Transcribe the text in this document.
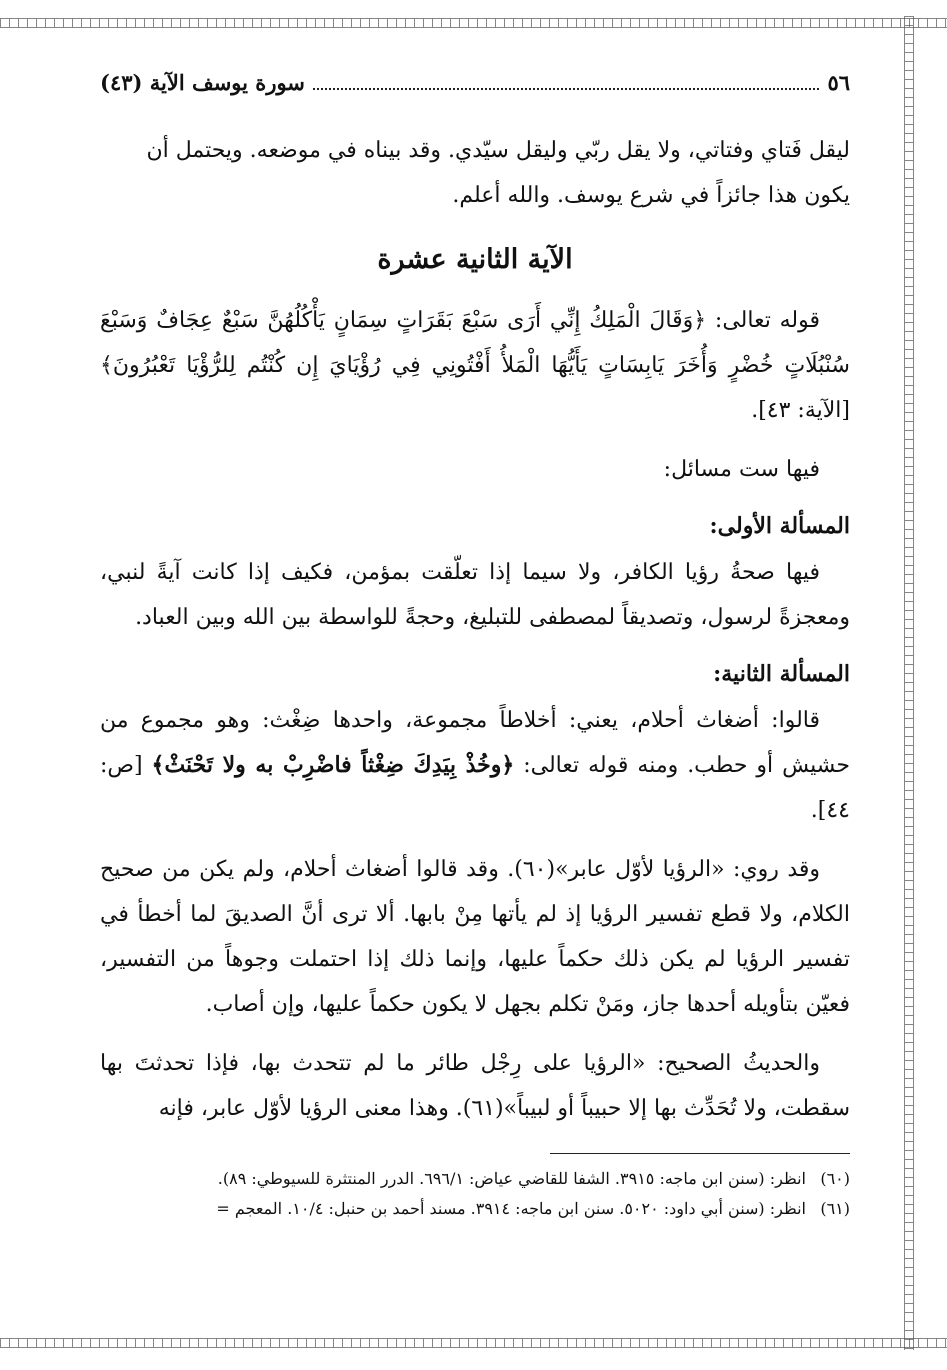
٥٦
سورة يوسف الآية (٤٣)

ليقل فَتاي وفتاتي، ولا يقل ربّي وليقل سيّدي. وقد بيناه في موضعه. ويحتمل أن

يكون هذا جائزاً في شرع يوسف. والله أعلم.

الآية الثانية عشرة

قوله تعالى: ﴿وَقَالَ الْمَلِكُ إِنِّي أَرَى سَبْعَ بَقَرَاتٍ سِمَانٍ يَأْكُلُهُنَّ سَبْعٌ عِجَافٌ وَسَبْعَ سُنْبُلَاتٍ خُضْرٍ وَأُخَرَ يَابِسَاتٍ يَأَيُّهَا الْمَلأُ أَفْتُونِي فِي رُؤْيَايَ إِن كُنْتُم لِلرُّؤْيَا تَعْبُرُونَ﴾ [الآية: ٤٣].

فيها ست مسائل:

المسألة الأولى:

فيها صحةُ رؤيا الكافر، ولا سيما إذا تعلّقت بمؤمن، فكيف إذا كانت آيةً لنبي، ومعجزةً لرسول، وتصديقاً لمصطفى للتبليغ، وحجةً للواسطة بين الله وبين العباد.

المسألة الثانية:

قالوا: أضغاث أحلام، يعني: أخلاطاً مجموعة، واحدها ضِغْث: وهو مجموع من حشيش أو حطب. ومنه قوله تعالى: ﴿وخُذْ بِيَدِكَ ضِغْثاً فاضْرِبْ به ولا تَحْنَثْ﴾ [ص: ٤٤].

وقد روي: «الرؤيا لأوّل عابر»(٦٠). وقد قالوا أضغاث أحلام، ولم يكن من صحيح الكلام، ولا قطع تفسير الرؤيا إذ لم يأتها مِنْ بابها. ألا ترى أنَّ الصديقَ لما أخطأ في تفسير الرؤيا لم يكن ذلك حكماً عليها، وإنما ذلك إذا احتملت وجوهاً من التفسير، فعيّن بتأويله أحدها جاز، ومَنْ تكلم بجهل لا يكون حكماً عليها، وإن أصاب.

والحديثُ الصحيح: «الرؤيا على رِجْل طائر ما لم تتحدث بها، فإذا تحدثتَ بها سقطت، ولا تُحَدِّث بها إلا حبيباً أو لبيباً»(٦١). وهذا معنى الرؤيا لأوّل عابر، فإنه

(٦٠)انظر: (سنن ابن ماجه: ٣٩١٥. الشفا للقاضي عياض: ٦٩٦/١. الدرر المنتثرة للسيوطي: ٨٩).
(٦١)انظر: (سنن أبي داود: ٥٠٢٠. سنن ابن ماجه: ٣٩١٤. مسند أحمد بن حنبل: ١٠/٤. المعجم =
